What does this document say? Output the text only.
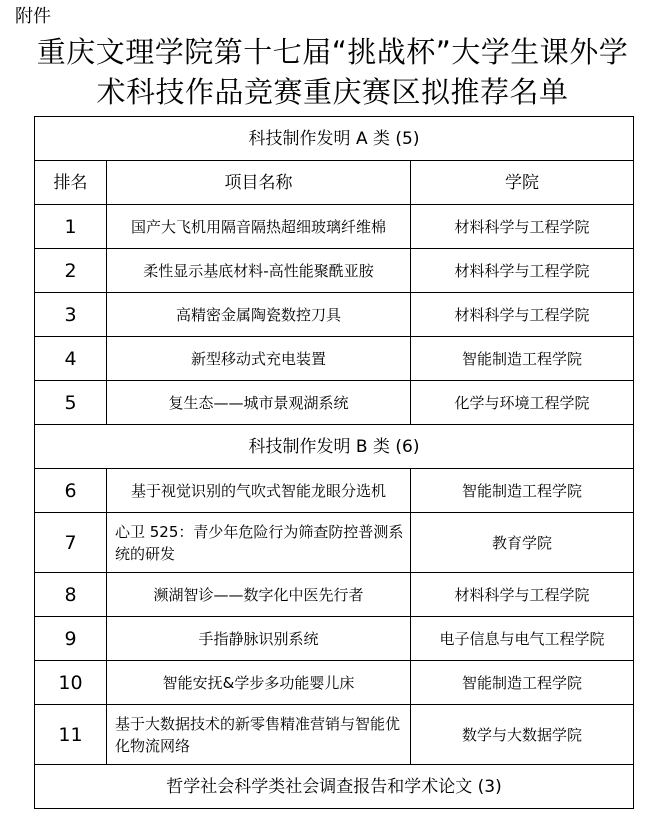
附件
重庆文理学院第十七届“挑战杯”大学生课外学
术科技作品竞赛重庆赛区拟推荐名单
科技制作发明 A 类 (5)		
排名	项目名称	学院
1	国产大飞机用隔音隔热超细玻璃纤维棉	材料科学与工程学院
2	柔性显示基底材料-高性能聚酰亚胺	材料科学与工程学院
3	高精密金属陶瓷数控刀具	材料科学与工程学院
4	新型移动式充电装置	智能制造工程学院
5	复生态——城市景观湖系统	化学与环境工程学院
科技制作发明 B 类 (6)		
6	基于视觉识别的气吹式智能龙眼分选机	智能制造工程学院
7	心卫 525：青少年危险行为筛查防控普测系统的研发	教育学院
8	濒湖智诊——数字化中医先行者	材料科学与工程学院
9	手指静脉识别系统	电子信息与电气工程学院
10	智能安抚&学步多功能婴儿床	智能制造工程学院
11	基于大数据技术的新零售精准营销与智能优化物流网络	数学与大数据学院
哲学社会科学类社会调查报告和学术论文 (3)		
